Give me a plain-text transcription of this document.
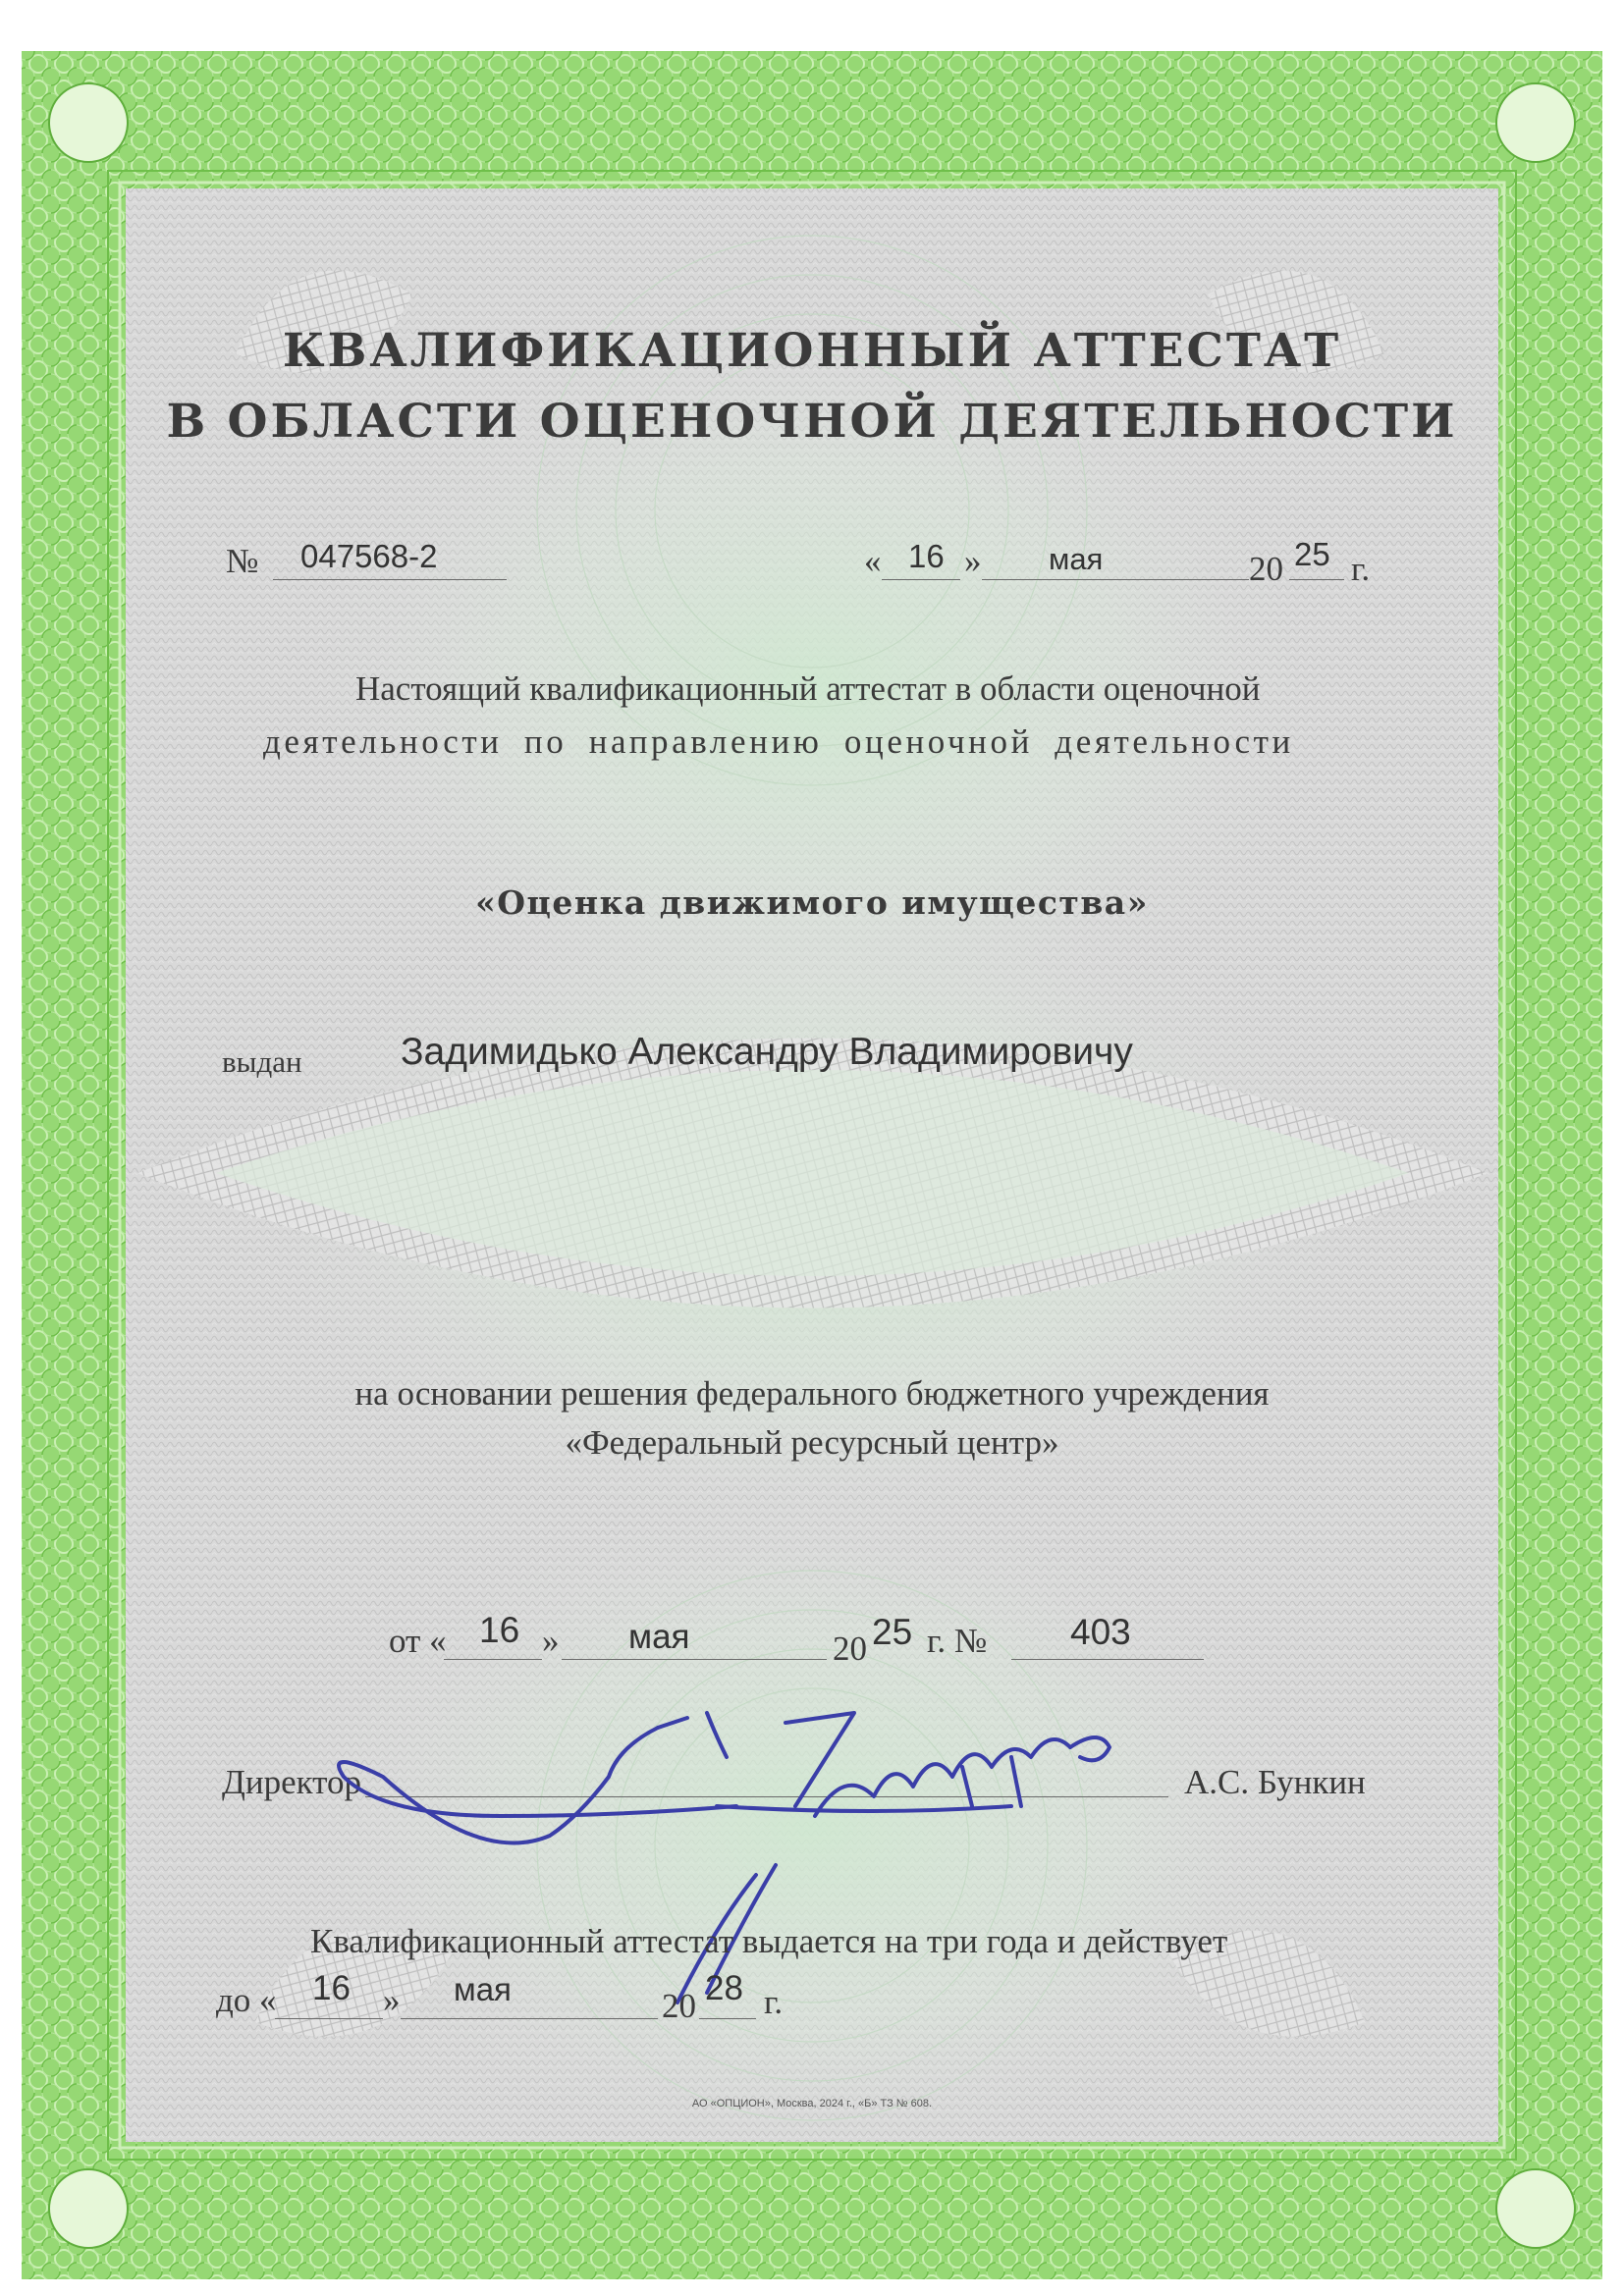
КВАЛИФИКАЦИОННЫЙ АТТЕСТАТ
В ОБЛАСТИ ОЦЕНОЧНОЙ ДЕЯТЕЛЬНОСТИ
№ 047568-2	« 16 » мая	20 25 г.
Настоящий квалификационный аттестат в области оценочной
деятельности по направлению оценочной деятельности
«Оценка движимого имущества»
выдан	Задимидько Александру Владимировичу
на основании решения федерального бюджетного учреждения
«Федеральный ресурсный центр»
от « 16 » мая	20 25 г. № 403
Директор	А.С. Бункин
Квалификационный аттестат выдается на три года и действует
до « 16 » мая	20 28 г.
АО «ОПЦИОН», Москва, 2024 г., «Б» ТЗ № 608.
